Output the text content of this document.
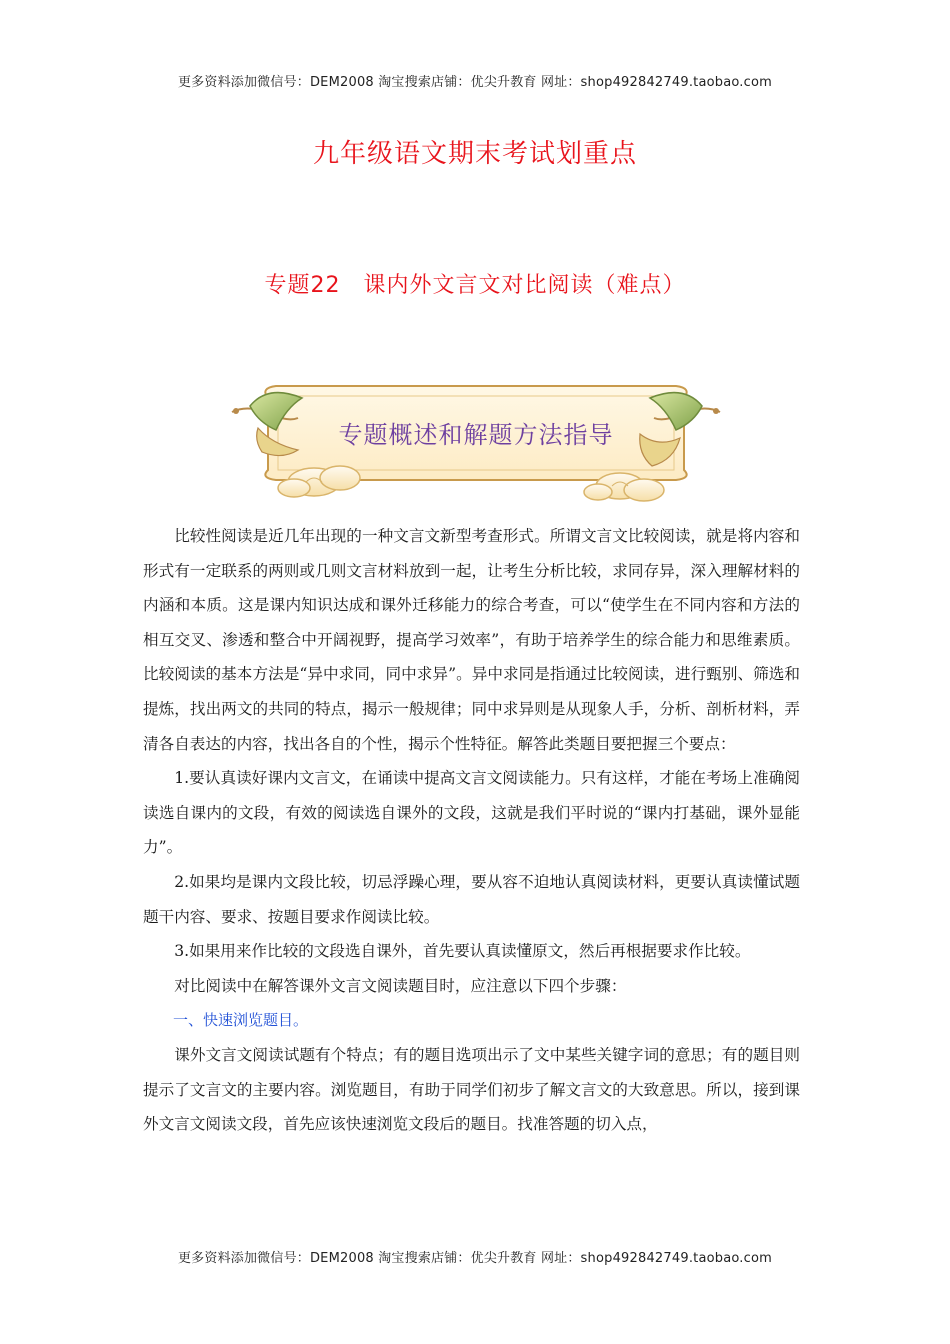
更多资料添加微信号：DEM2008 淘宝搜索店铺：优尖升教育 网址：shop492842749.taobao.com
九年级语文期末考试划重点
专题22　课内外文言文对比阅读（难点）
专题概述和解题方法指导

比较性阅读是近几年出现的一种文言文新型考查形式。所谓文言文比较阅读，就是将内容和形式有一定联系的两则或几则文言材料放到一起，让考生分析比较，求同存异，深入理解材料的内涵和本质。这是课内知识达成和课外迁移能力的综合考查，可以“使学生在不同内容和方法的相互交叉、渗透和整合中开阔视野，提高学习效率”，有助于培养学生的综合能力和思维素质。比较阅读的基本方法是“异中求同，同中求异”。异中求同是指通过比较阅读，进行甄别、筛选和提炼，找出两文的共同的特点，揭示一般规律；同中求异则是从现象人手，分析、剖析材料，弄清各自表达的内容，找出各自的个性，揭示个性特征。解答此类题目要把握三个要点：

1.要认真读好课内文言文，在诵读中提高文言文阅读能力。只有这样，才能在考场上准确阅读选自课内的文段，有效的阅读选自课外的文段，这就是我们平时说的“课内打基础，课外显能力”。

2.如果均是课内文段比较，切忌浮躁心理，要从容不迫地认真阅读材料，更要认真读懂试题题干内容、要求、按题目要求作阅读比较。

3.如果用来作比较的文段选自课外，首先要认真读懂原文，然后再根据要求作比较。

对比阅读中在解答课外文言文阅读题目时，应注意以下四个步骤：

一、快速浏览题目。

课外文言文阅读试题有个特点；有的题目选项出示了文中某些关键字词的意思；有的题目则提示了文言文的主要内容。浏览题目，有助于同学们初步了解文言文的大致意思。所以，接到课外文言文阅读文段，首先应该快速浏览文段后的题目。找准答题的切入点，

更多资料添加微信号：DEM2008 淘宝搜索店铺：优尖升教育 网址：shop492842749.taobao.com
